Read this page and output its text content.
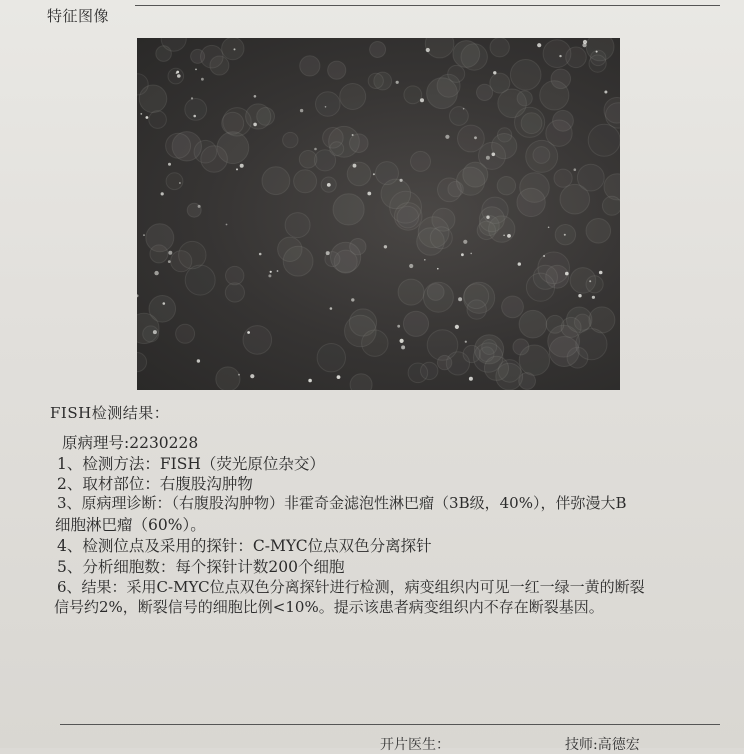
特征图像
FISH检测结果：
原病理号:2230228
1、检测方法：FISH（荧光原位杂交）
2、取材部位：右腹股沟肿物
3、原病理诊断：（右腹股沟肿物）非霍奇金滤泡性淋巴瘤（3B级，40%），伴弥漫大B
细胞淋巴瘤（60%）。
4、检测位点及采用的探针：C-MYC位点双色分离探针
5、分析细胞数：每个探针计数200个细胞
6、结果：采用C-MYC位点双色分离探针进行检测，病变组织内可见一红一绿一黄的断裂
信号约2%，断裂信号的细胞比例<10%。提示该患者病变组织内不存在断裂基因。
开片医生：	技师:高德宏
